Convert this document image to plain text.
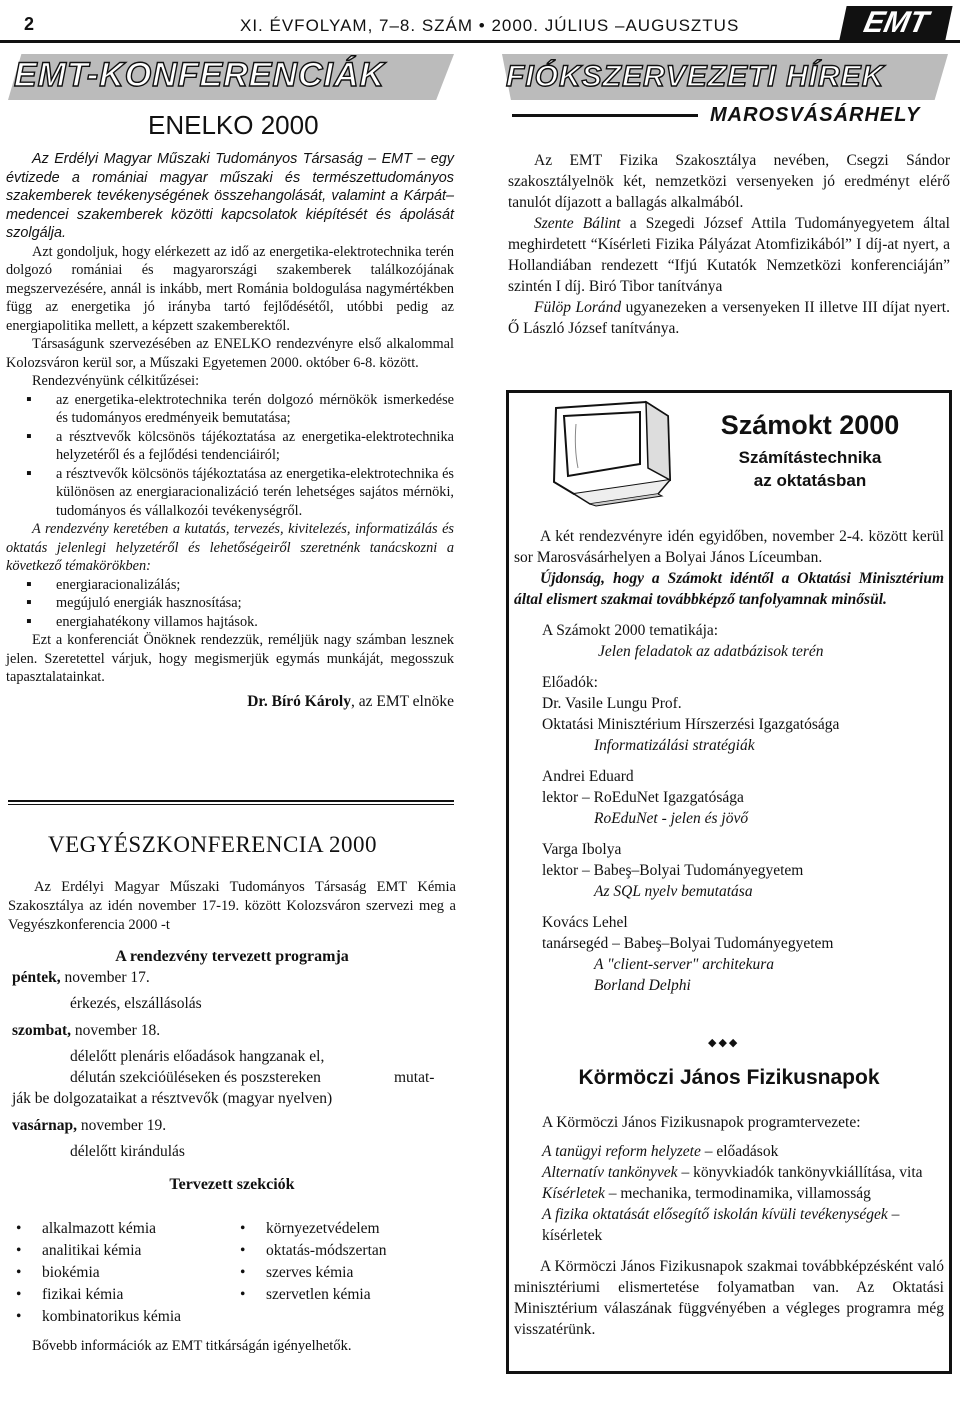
2	XI. ÉVFOLYAM, 7–8. SZÁM • 2000. JÚLIUS –AUGUSZTUS	EMT
EMT-KONFERENCIÁK	FIÓKSZERVEZETI HÍREK
MAROSVÁSÁRHELY
ENELKO 2000

Az Erdélyi Magyar Műszaki Tudományos Társaság – EMT – egy évtizede a romániai magyar műszaki és természettudományos szakemberek tevékenységének összehangolását, valamint a Kárpát–medencei szakemberek közötti kapcsolatok kiépítését és ápolását szolgálja.

Azt gondoljuk, hogy elérkezett az idő az energetika-elektrotechnika terén dolgozó romániai és magyarországi szakemberek találkozójának megszervezésére, annál is inkább, mert Románia boldogulása nagymértékben függ az energetika jó irányba tartó fejlődésétől, utóbbi pedig az energiapolitika mellett, a képzett szakemberektől.

Társaságunk szervezésében az ENELKO rendezvényre első alkalommal Kolozsváron kerül sor, a Műszaki Egyetemen 2000. október 6-8. között.

Rendezvényünk célkitűzései:

▪ az energetika-elektrotechnika terén dolgozó mérnökök ismerkedése és tudományos eredményeik bemutatása;
▪ a résztvevők kölcsönös tájékoztatása az energetika-elektrotechnika helyzetéről és a fejlődési tendenciáiról;
▪ a résztvevők kölcsönös tájékoztatása az energetika-elektrotechnika és különösen az energiaracionalizáció terén lehetséges sajátos mérnöki, tudományos és vállalkozói tevékenységről.

A rendezvény keretében a kutatás, tervezés, kivitelezés, informatizálás és oktatás jelenlegi helyzetéről és lehetőségeiről szeretnénk tanácskozni a következő témakörökben:

▪ energiaracionalizálás;
▪ megújuló energiák hasznosítása;
▪ energiahatékony villamos hajtások.

Ezt a konferenciát Önöknek rendezzük, reméljük nagy számban lesznek jelen. Szeretettel várjuk, hogy megismerjük egymás munkáját, megosszuk tapasztalatainkat.

Dr. Bíró Károly, az EMT elnöke

VEGYÉSZKONFERENCIA 2000
Az Erdélyi Magyar Műszaki Tudományos Társaság EMT Kémia Szakosztálya az idén november 17-19. között Kolozsváron szervezi meg a Vegyészkonferencia 2000 -t
A rendezvény tervezett programja
péntek, november 17.
érkezés, elszállásolás
szombat, november 18.
délelőtt plenáris előadások hangzanak el,
délután szekcióüléseken és poszstereken	mutat-
ják be dolgozataikat a résztvevők (magyar nyelven)
vasárnap, november 19.
délelőtt kirándulás
Tervezett szekciók
• alkalmazott kémia	• környezetvédelem
• analitikai kémia	• oktatás-módszertan
• biokémia	• szerves kémia
• fizikai kémia	• szervetlen kémia
• kombinatorikus kémia
Bővebb információk az EMT titkárságán igényelhetők.

Az EMT Fizika Szakosztálya nevében, Csegzi Sándor szakosztályelnök két, nemzetközi versenyeken jó eredményt elérő tanulót díjazott a ballagás alkalmából.

Szente Bálint a Szegedi József Attila Tudományegyetem által meghirdetett “Kísérleti Fizika Pályázat Atomfizikából” I díj-at nyert, a Hollandiában rendezett “Ifjú Kutatók Nemzetközi konferenciáján” szintén I díj. Biró Tibor tanítványa

Fülöp Loránd ugyanezeken a versenyeken II illetve III díjat nyert. Ő László József tanítványa.

Számokt 2000
Számítástechnika
az oktatásban

A két rendezvényre idén egyidőben, november 2-4. között kerül sor Marosvásárhelyen a Bolyai János Líceumban.

Újdonság, hogy a Számokt idéntől a Oktatási Minisztérium által elismert szakmai továbbképző tanfolyamnak minősül.

A Számokt 2000 tematikája:

Jelen feladatok az adatbázisok terén

Előadók:

Dr. Vasile Lungu Prof.
Oktatási Minisztérium Hírszerzési Igazgatósága
Informatizálási stratégiák
Andrei Eduard
lektor – RoEduNet Igazgatósága
RoEduNet - jelen és jövő
Varga Ibolya
lektor – Babeş–Bolyai Tudományegyetem
Az SQL nyelv bemutatása
Kovács Lehel
tanársegéd – Babeş–Bolyai Tudományegyetem
A "client-server" architekura
Borland Delphi
◆◆◆
Körmöczi János Fizikusnapok

A Körmöczi János Fizikusnapok programtervezete:

A tanügyi reform helyzete – előadások
Alternatív tankönyvek – könyvkiadók tankönyvkiállítása, vita
Kísérletek – mechanika, termodinamika, villamosság
A fizika oktatását elősegítő iskolán kívüli tevékenységek – kísérletek

A Körmöczi János Fizikusnapok szakmai továbbképzésként való minisztériumi elismertetése folyamatban van. Az Oktatási Minisztérium válaszának függvényében a végleges programra még visszatérünk.
